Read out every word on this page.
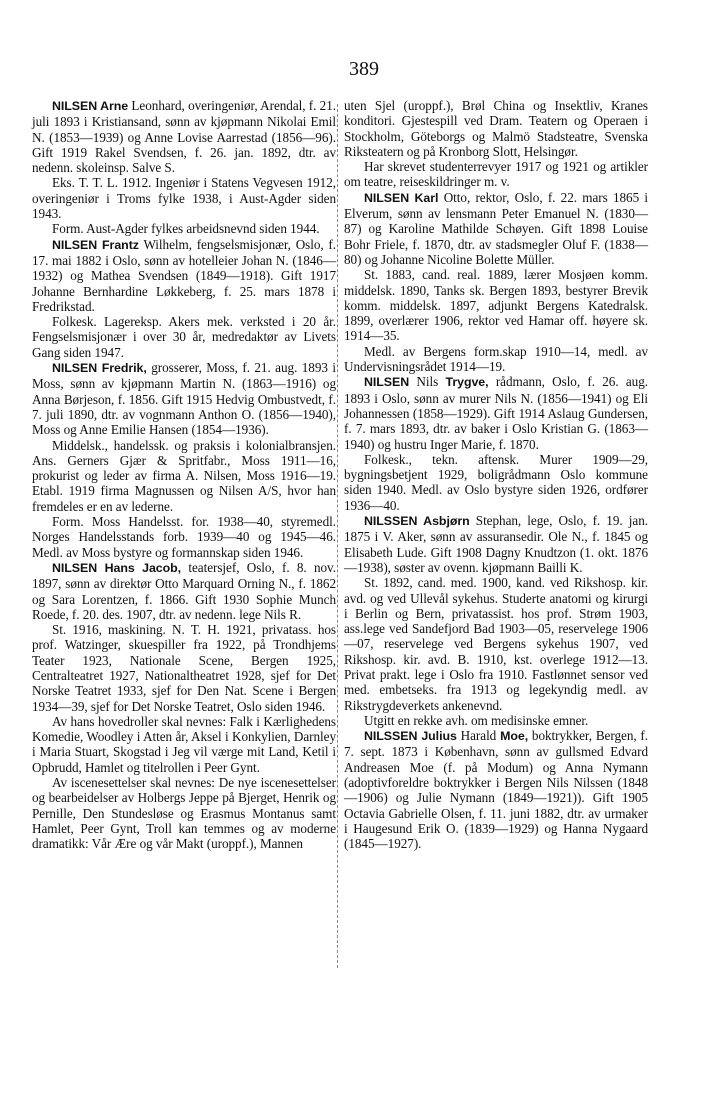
389

NILSEN Arne Leonhard, overingeniør, Arendal, f. 21. juli 1893 i Kristiansand, sønn av kjøpmann Nikolai Emil N. (1853—1939) og Anne Lovise Aarrestad (1856—96). Gift 1919 Rakel Svendsen, f. 26. jan. 1892, dtr. av nedenn. skoleinsp. Salve S.

Eks. T. T. L. 1912. Ingeniør i Statens Vegvesen 1912, overingeniør i Troms fylke 1938, i Aust-Agder siden 1943.

Form. Aust-Agder fylkes arbeidsnevnd siden 1944.

NILSEN Frantz Wilhelm, fengselsmisjonær, Oslo, f. 17. mai 1882 i Oslo, sønn av hotelleier Johan N. (1846—1932) og Mathea Svendsen (1849—1918). Gift 1917 Johanne Bernhardine Løkkeberg, f. 25. mars 1878 i Fredrikstad.

Folkesk. Lagereksp. Akers mek. verksted i 20 år. Fengselsmisjonær i over 30 år, medredaktør av Livets Gang siden 1947.

NILSEN Fredrik, grosserer, Moss, f. 21. aug. 1893 i Moss, sønn av kjøpmann Martin N. (1863—1916) og Anna Børjeson, f. 1856. Gift 1915 Hedvig Ombustvedt, f. 7. juli 1890, dtr. av vognmann Anthon O. (1856—1940), Moss og Anne Emilie Hansen (1854—1936).

Middelsk., handelssk. og praksis i kolonialbransjen. Ans. Gerners Gjær & Spritfabr., Moss 1911—16, prokurist og leder av firma A. Nilsen, Moss 1916—19. Etabl. 1919 firma Magnussen og Nilsen A/S, hvor han fremdeles er en av lederne.

Form. Moss Handelsst. for. 1938—40, styremedl. Norges Handelsstands forb. 1939—40 og 1945—46. Medl. av Moss bystyre og formannskap siden 1946.

NILSEN Hans Jacob, teatersjef, Oslo, f. 8. nov. 1897, sønn av direktør Otto Marquard Orning N., f. 1862 og Sara Lorentzen, f. 1866. Gift 1930 Sophie Munch Roede, f. 20. des. 1907, dtr. av nedenn. lege Nils R.

St. 1916, maskining. N. T. H. 1921, privatass. hos prof. Watzinger, skuespiller fra 1922, på Trondhjems Teater 1923, Nationale Scene, Bergen 1925, Centralteatret 1927, Nationaltheatret 1928, sjef for Det Norske Teatret 1933, sjef for Den Nat. Scene i Bergen 1934—39, sjef for Det Norske Teatret, Oslo siden 1946.

Av hans hovedroller skal nevnes: Falk i Kærlighedens Komedie, Woodley i Atten år, Aksel i Konkylien, Darnley i Maria Stuart, Skogstad i Jeg vil værge mit Land, Ketil i Opbrudd, Hamlet og titelrollen i Peer Gynt.

Av iscenesettelser skal nevnes: De nye iscenesettelser og bearbeidelser av Holbergs Jeppe på Bjerget, Henrik og Pernille, Den Stundesløse og Erasmus Montanus samt Hamlet, Peer Gynt, Troll kan temmes og av moderne dramatikk: Vår Ære og vår Makt (uroppf.), Mannen

uten Sjel (uroppf.), Brøl China og Insektliv, Kranes konditori. Gjestespill ved Dram. Teatern og Operaen i Stockholm, Göteborgs og Malmö Stadsteatre, Svenska Riksteatern og på Kronborg Slott, Helsingør.

Har skrevet studenterrevyer 1917 og 1921 og artikler om teatre, reiseskildringer m. v.

NILSEN Karl Otto, rektor, Oslo, f. 22. mars 1865 i Elverum, sønn av lensmann Peter Emanuel N. (1830—87) og Karoline Mathilde Schøyen. Gift 1898 Louise Bohr Friele, f. 1870, dtr. av stadsmegler Oluf F. (1838—80) og Johanne Nicoline Bolette Müller.

St. 1883, cand. real. 1889, lærer Mosjøen komm. middelsk. 1890, Tanks sk. Bergen 1893, bestyrer Brevik komm. middelsk. 1897, adjunkt Bergens Katedralsk. 1899, overlærer 1906, rektor ved Hamar off. høyere sk. 1914—35.

Medl. av Bergens form.skap 1910—14, medl. av Undervisningsrådet 1914—19.

NILSEN Nils Trygve, rådmann, Oslo, f. 26. aug. 1893 i Oslo, sønn av murer Nils N. (1856—1941) og Eli Johannessen (1858—1929). Gift 1914 Aslaug Gundersen, f. 7. mars 1893, dtr. av baker i Oslo Kristian G. (1863—1940) og hustru Inger Marie, f. 1870.

Folkesk., tekn. aftensk. Murer 1909—29, bygningsbetjent 1929, boligrådmann Oslo kommune siden 1940. Medl. av Oslo bystyre siden 1926, ordfører 1936—40.

NILSSEN Asbjørn Stephan, lege, Oslo, f. 19. jan. 1875 i V. Aker, sønn av assuransedir. Ole N., f. 1845 og Elisabeth Lude. Gift 1908 Dagny Knudtzon (1. okt. 1876—1938), søster av ovenn. kjøpmann Bailli K.

St. 1892, cand. med. 1900, kand. ved Rikshosp. kir. avd. og ved Ullevål sykehus. Studerte anatomi og kirurgi i Berlin og Bern, privatassist. hos prof. Strøm 1903, ass.lege ved Sandefjord Bad 1903—05, reservelege 1906—07, reservelege ved Bergens sykehus 1907, ved Rikshosp. kir. avd. B. 1910, kst. overlege 1912—13. Privat prakt. lege i Oslo fra 1910. Fastlønnet sensor ved med. embetseks. fra 1913 og legekyndig medl. av Rikstrygdeverkets ankenevnd.

Utgitt en rekke avh. om medisinske emner.

NILSSEN Julius Harald Moe, boktrykker, Bergen, f. 7. sept. 1873 i København, sønn av gullsmed Edvard Andreasen Moe (f. på Modum) og Anna Nymann (adoptivforeldre boktrykker i Bergen Nils Nilssen (1848—1906) og Julie Nymann (1849—1921)). Gift 1905 Octavia Gabrielle Olsen, f. 11. juni 1882, dtr. av urmaker i Haugesund Erik O. (1839—1929) og Hanna Nygaard (1845—1927).
